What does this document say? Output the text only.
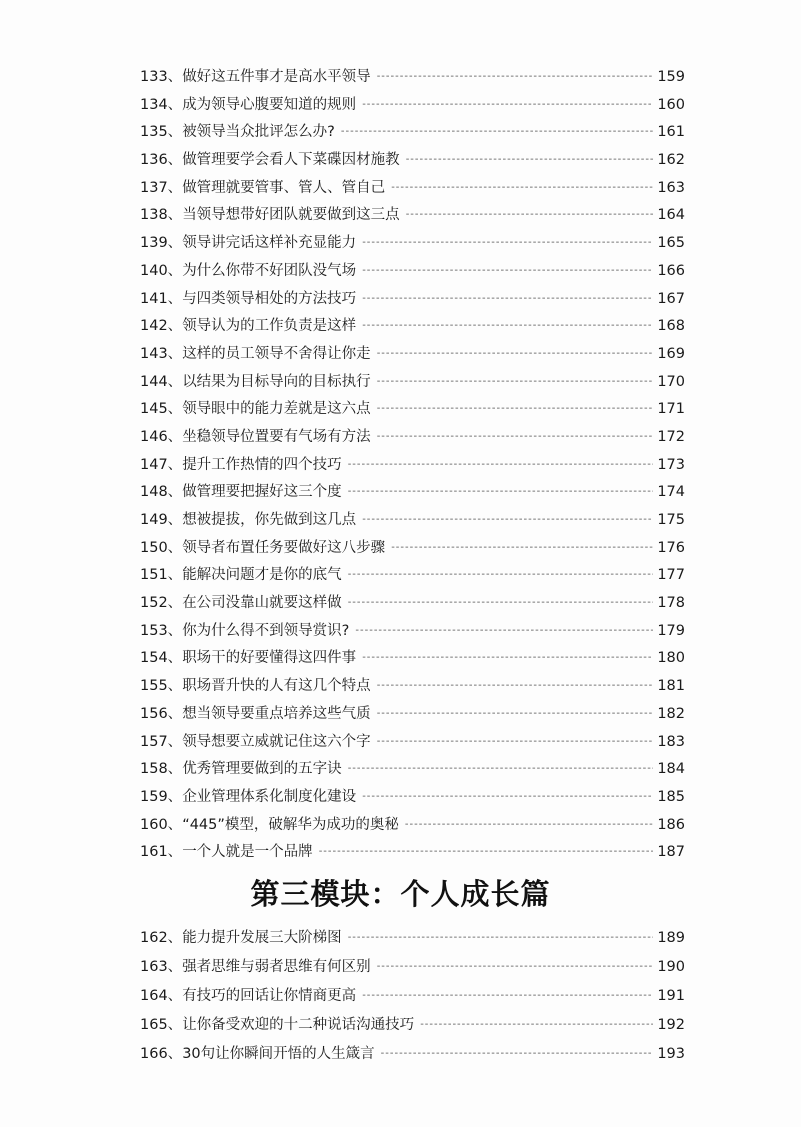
133、 做好这五件事才是高水平领导 -----	159
134、 成为领导心腹要知道的规则 -----	160
135、 被领导当众批评怎么办? -----	161
136、 做管理要学会看人下菜碟因材施教 -----	162
137、 做管理就要管事、管人、管自己 -----	163
138、 当领导想带好团队就要做到这三点 -----	164
139、 领导讲完话这样补充显能力 -----	165
140、 为什么你带不好团队没气场 -----	166
141、 与四类领导相处的方法技巧 -----	167
142、 领导认为的工作负责是这样 -----	168
143、 这样的员工领导不舍得让你走 -----	169
144、 以结果为目标导向的目标执行 -----	170
145、 领导眼中的能力差就是这六点 -----	171
146、 坐稳领导位置要有气场有方法 -----	172
147、 提升工作热情的四个技巧 -----	173
148、 做管理要把握好这三个度 -----	174
149、 想被提拔，你先做到这几点 -----	175
150、 领导者布置任务要做好这八步骤 -----	176
151、 能解决问题才是你的底气 -----	177
152、 在公司没靠山就要这样做 -----	178
153、 你为什么得不到领导赏识? -----	179
154、 职场干的好要懂得这四件事 -----	180
155、 职场晋升快的人有这几个特点 -----	181
156、 想当领导要重点培养这些气质 -----	182
157、 领导想要立威就记住这六个字 -----	183
158、 优秀管理要做到的五字诀 -----	184
159、 企业管理体系化制度化建设 -----	185
160、 “445”模型，破解华为成功的奥秘 -----	186
161、 一个人就是一个品牌 -----	187
第三模块：个人成长篇
162、 能力提升发展三大阶梯图 -----	189
163、 强者思维与弱者思维有何区别 -----	190
164、 有技巧的回话让你情商更高 -----	191
165、 让你备受欢迎的十二种说话沟通技巧 -----	192
166、 30句让你瞬间开悟的人生箴言 -----	193
